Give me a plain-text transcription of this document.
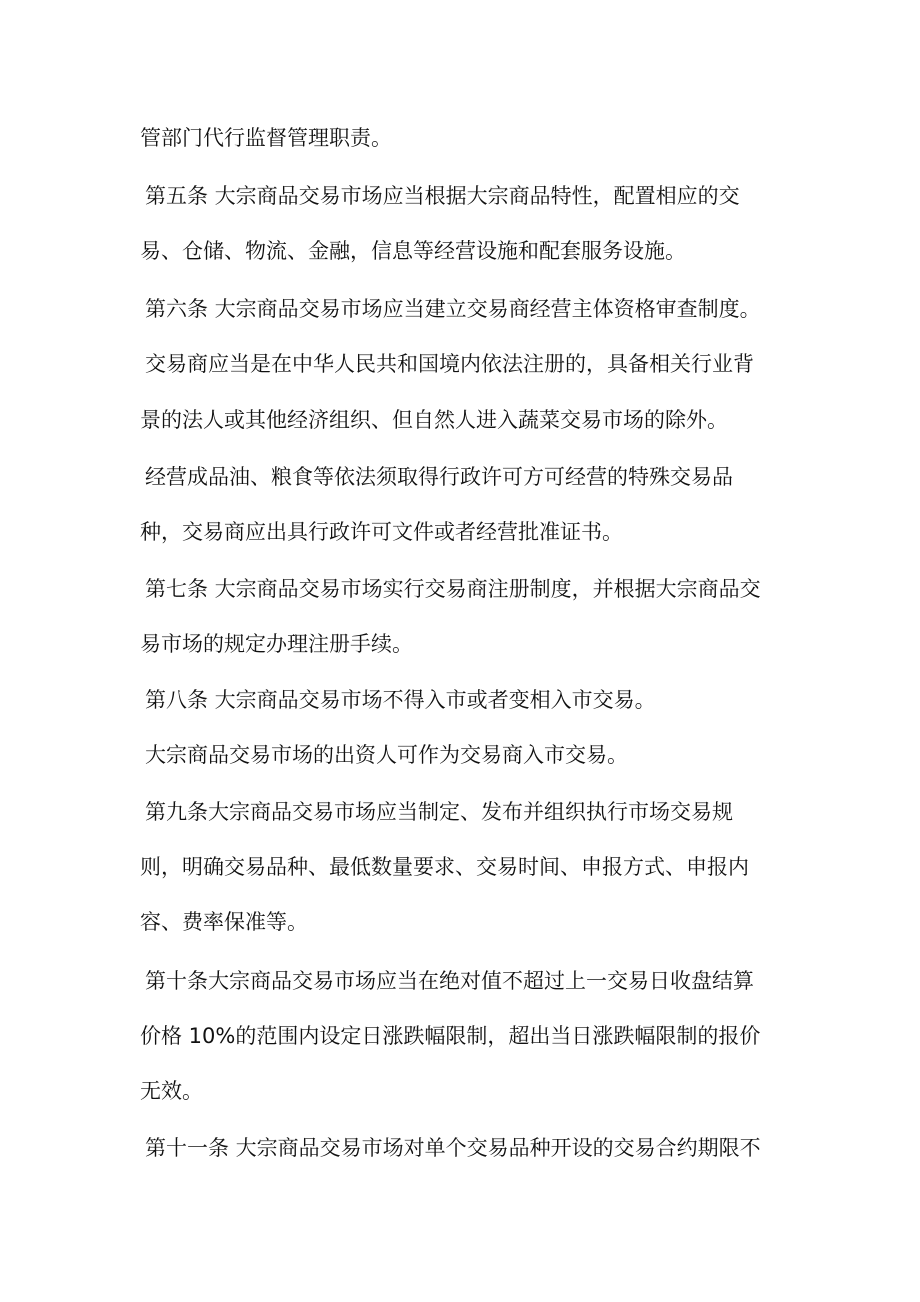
管部门代行监督管理职责。
第五条 大宗商品交易市场应当根据大宗商品特性，配置相应的交
易、仓储、物流、金融，信息等经营设施和配套服务设施。
第六条 大宗商品交易市场应当建立交易商经营主体资格审查制度。
交易商应当是在中华人民共和国境内依法注册的，具备相关行业背
景的法人或其他经济组织、但自然人进入蔬菜交易市场的除外。
经营成品油、粮食等依法须取得行政许可方可经营的特殊交易品
种，交易商应出具行政许可文件或者经营批准证书。
第七条 大宗商品交易市场实行交易商注册制度，并根据大宗商品交
易市场的规定办理注册手续。
第八条 大宗商品交易市场不得入市或者变相入市交易。
大宗商品交易市场的出资人可作为交易商入市交易。
第九条大宗商品交易市场应当制定、发布并组织执行市场交易规
则，明确交易品种、最低数量要求、交易时间、申报方式、申报内
容、费率保准等。
第十条大宗商品交易市场应当在绝对值不超过上一交易日收盘结算
价格 10%的范围内设定日涨跌幅限制，超出当日涨跌幅限制的报价
无效。
第十一条 大宗商品交易市场对单个交易品种开设的交易合约期限不
